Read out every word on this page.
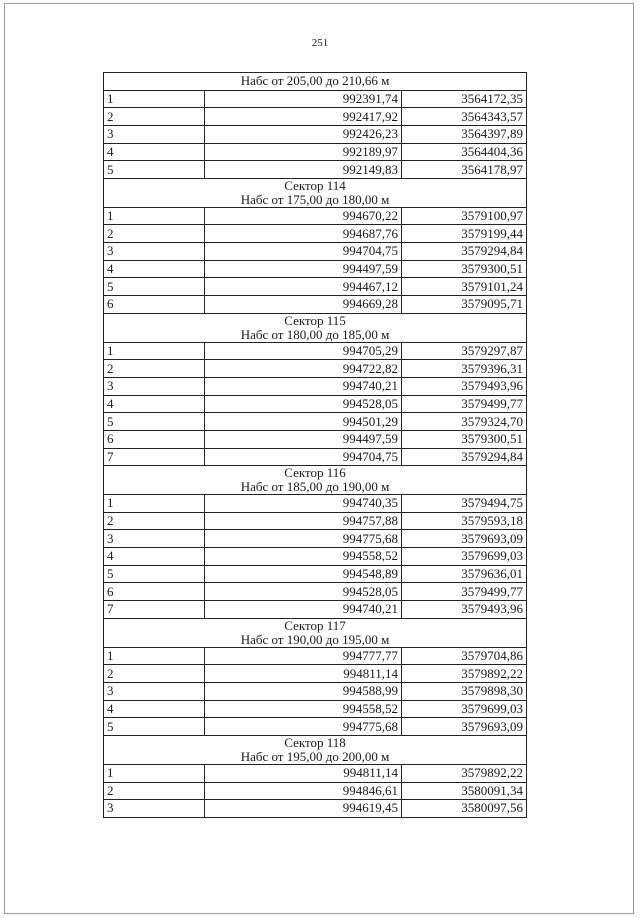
251
Набс от 205,00 до 210,66 м		

1	992391,74	3564172,35
2	992417,92	3564343,57
3	992426,23	3564397,89
4	992189,97	3564404,36
5	992149,83	3564178,97

Сектор 114
Набс от 175,00 до 180,00 м		

1	994670,22	3579100,97
2	994687,76	3579199,44
3	994704,75	3579294,84
4	994497,59	3579300,51
5	994467,12	3579101,24
6	994669,28	3579095,71

Сектор 115
Набс от 180,00 до 185,00 м		

1	994705,29	3579297,87
2	994722,82	3579396,31
3	994740,21	3579493,96
4	994528,05	3579499,77
5	994501,29	3579324,70
6	994497,59	3579300,51
7	994704,75	3579294,84

Сектор 116
Набс от 185,00 до 190,00 м		

1	994740,35	3579494,75
2	994757,88	3579593,18
3	994775,68	3579693,09
4	994558,52	3579699,03
5	994548,89	3579636,01
6	994528,05	3579499,77
7	994740,21	3579493,96

Сектор 117
Набс от 190,00 до 195,00 м		

1	994777,77	3579704,86
2	994811,14	3579892,22
3	994588,99	3579898,30
4	994558,52	3579699,03
5	994775,68	3579693,09

Сектор 118
Набс от 195,00 до 200,00 м		

1	994811,14	3579892,22
2	994846,61	3580091,34
3	994619,45	3580097,56
